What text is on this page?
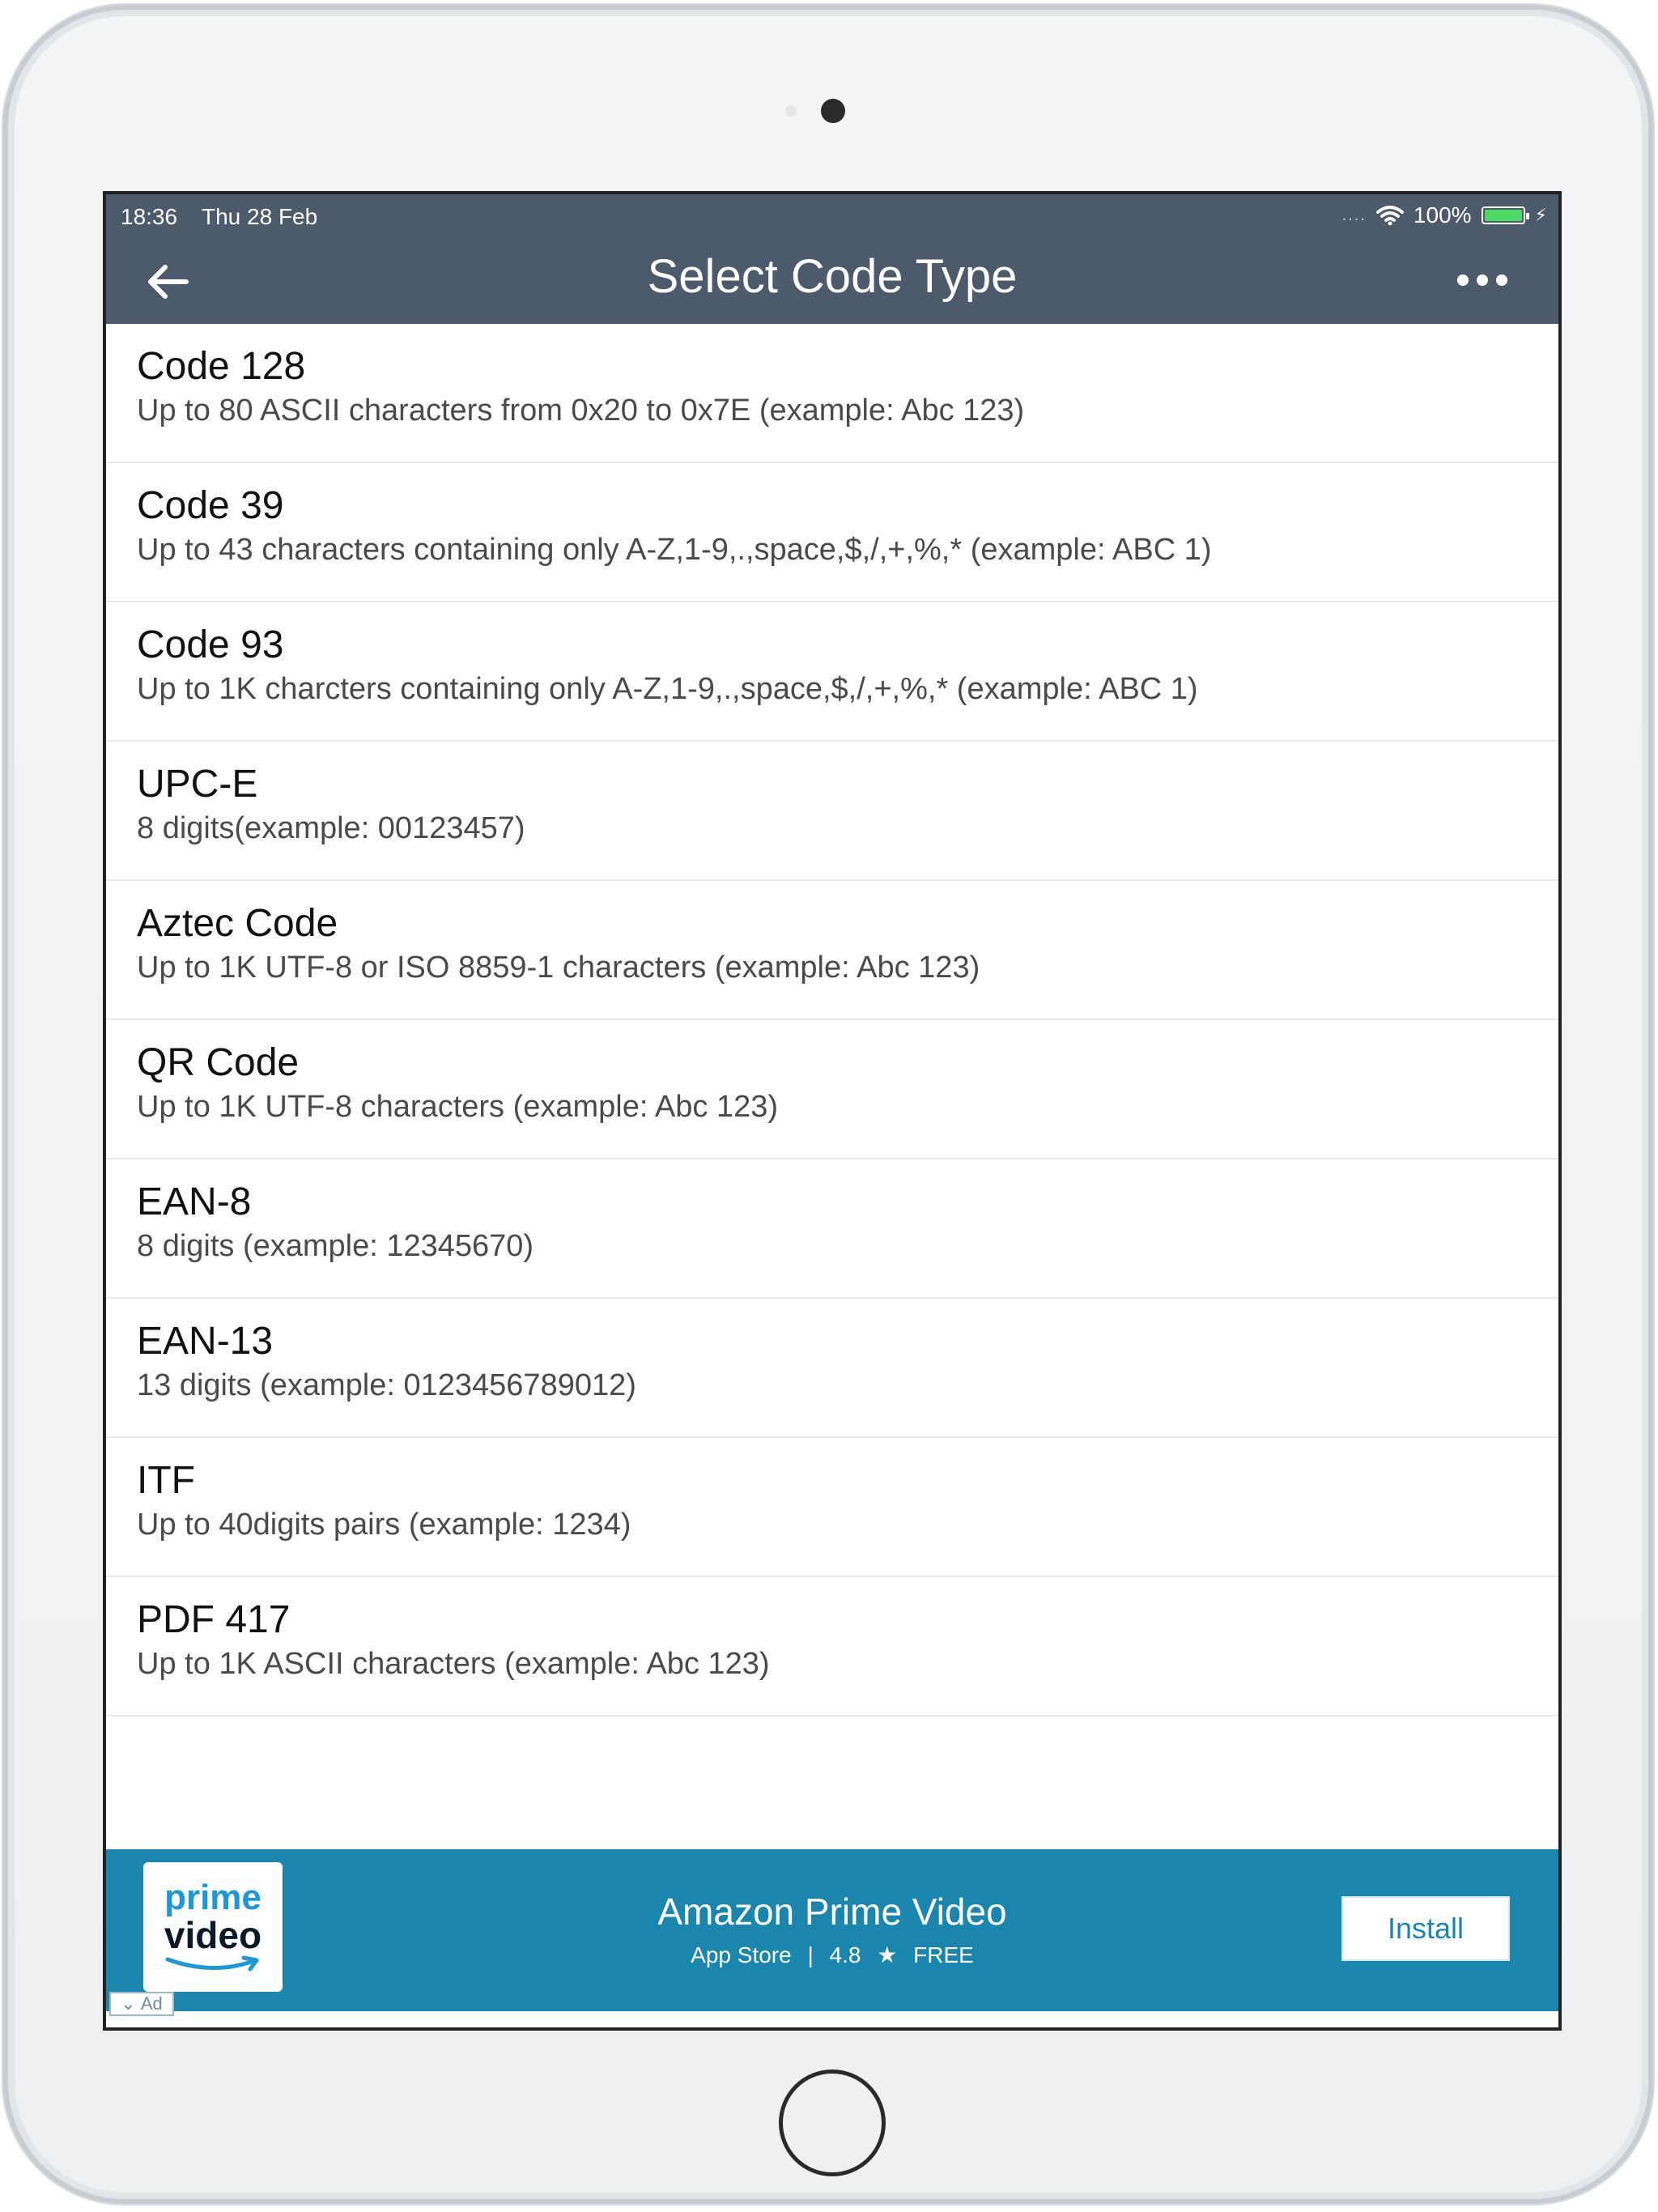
18:36 Thu 28 Feb	.... 100%	⚡
Select Code Type
Code 128
Up to 80 ASCII characters from 0x20 to 0x7E (example: Abc 123)
Code 39
Up to 43 characters containing only A-Z,1-9,.,space,$,/,+,%,* (example: ABC 1)
Code 93
Up to 1K charcters containing only A-Z,1-9,.,space,$,/,+,%,* (example: ABC 1)
UPC-E
8 digits(example: 00123457)
Aztec Code
Up to 1K UTF-8 or ISO 8859-1 characters (example: Abc 123)
QR Code
Up to 1K UTF-8 characters (example: Abc 123)
EAN-8
8 digits (example: 12345670)
EAN-13
13 digits (example: 0123456789012)
ITF
Up to 40digits pairs (example: 1234)
PDF 417
Up to 1K ASCII characters (example: Abc 123)
prime
video
⌄ Ad
Amazon Prime Video
App Store | 4.8 ★ FREE
Install
